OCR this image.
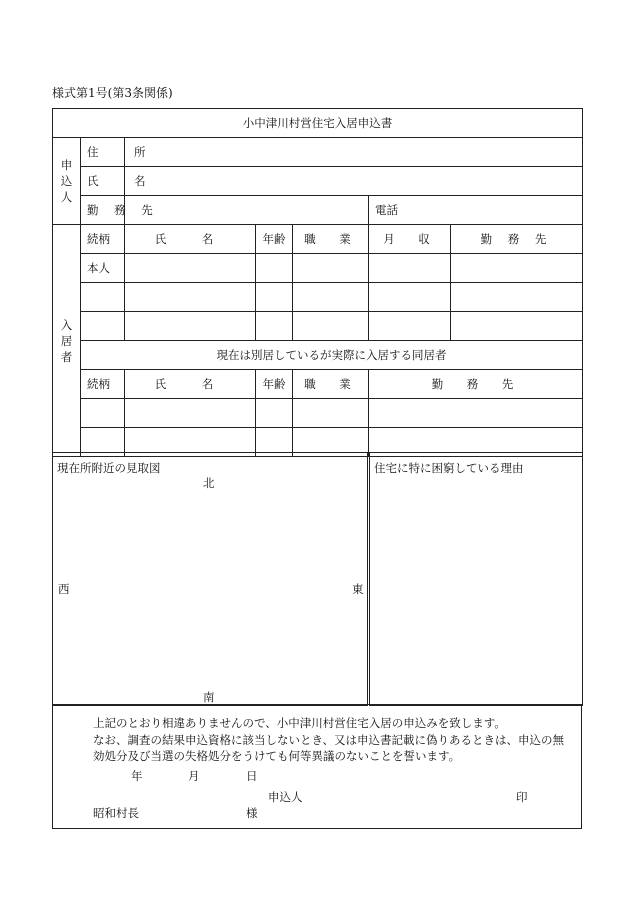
様式第1号(第3条関係)
小中津川村営住宅入居申込書						

申
込
人	住　所					
	氏　名					
	勤 務 先				電話	

入
居
者	続柄	氏　名	年齢	職　業	月　収	勤 務 先
	本人					

	現在は別居しているが実際に入居する同居者					
	続柄	氏　名	年齢	職　業	勤　務　先	

現在所附近の見取図
北
南
西	東
住宅に特に困窮している理由

上記のとおり相違ありませんので、小中津川村営住宅入居の申込みを致します。

なお、調査の結果申込資格に該当しないとき、又は申込書記載に偽りあるときは、申込の無

効処分及び当選の失格処分をうけても何等異議のないことを誓います。

年	月	日

申込人	印

昭和村長	様
